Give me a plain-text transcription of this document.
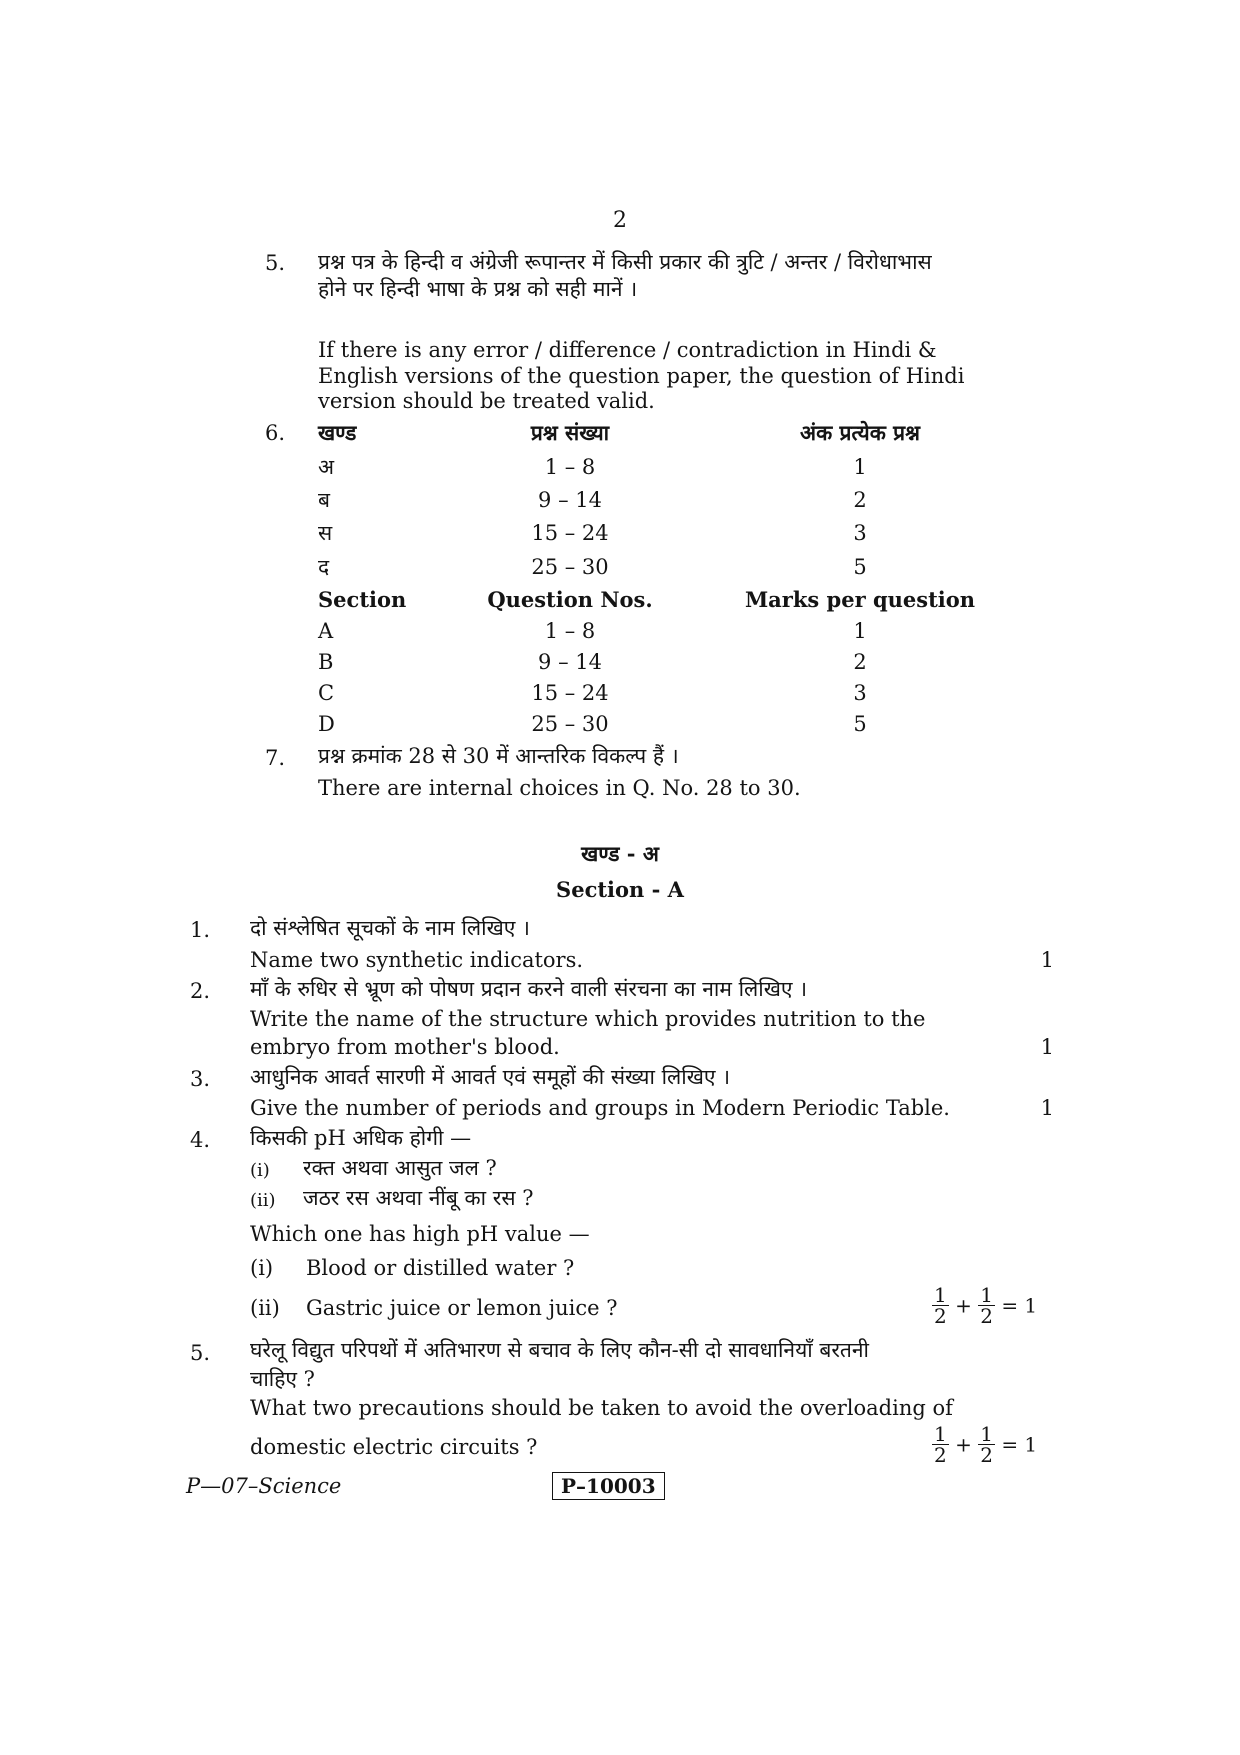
2
5. प्रश्न पत्र के हिन्दी व अंग्रेजी रूपान्तर में किसी प्रकार की त्रुटि / अन्तर / विरोधाभास
होने पर हिन्दी भाषा के प्रश्न को सही मानें ।
If there is any error / difference / contradiction in Hindi &
English versions of the question paper, the question of Hindi
version should be treated valid.
6. खण्ड	प्रश्न संख्या	अंक प्रत्येक प्रश्न
अ	1 – 8	1
ब	9 – 14	2
स	15 – 24	3
द	25 – 30	5
Section	Question Nos.	Marks per question
A	1 – 8	1
B	9 – 14	2
C	15 – 24	3
D	25 – 30	5
7. प्रश्न क्रमांक 28 से 30 में आन्तरिक विकल्प हैं ।
There are internal choices in Q. No. 28 to 30.
खण्ड - अ
Section - A
1. दो संश्लेषित सूचकों के नाम लिखिए ।
Name two synthetic indicators.	1
2. माँ के रुधिर से भ्रूण को पोषण प्रदान करने वाली संरचना का नाम लिखिए ।
Write the name of the structure which provides nutrition to the
embryo from mother's blood.	1
3. आधुनिक आवर्त सारणी में आवर्त एवं समूहों की संख्या लिखिए ।
Give the number of periods and groups in Modern Periodic Table.	1
4. किसकी pH अधिक होगी —
(i)	रक्त अथवा आसुत जल ?
(ii)	जठर रस अथवा नींबू का रस ?
Which one has high pH value —
(i)	Blood or distilled water ?
(ii)	Gastric juice or lemon juice ?	$\frac{1}{2} + \frac{1}{2} = 1$
5. घरेलू विद्युत परिपथों में अतिभारण से बचाव के लिए कौन-सी दो सावधानियाँ बरतनी
चाहिए ?
What two precautions should be taken to avoid the overloading of
domestic electric circuits ?	$\frac{1}{2} + \frac{1}{2} = 1$
P—07–Science	P–10003
